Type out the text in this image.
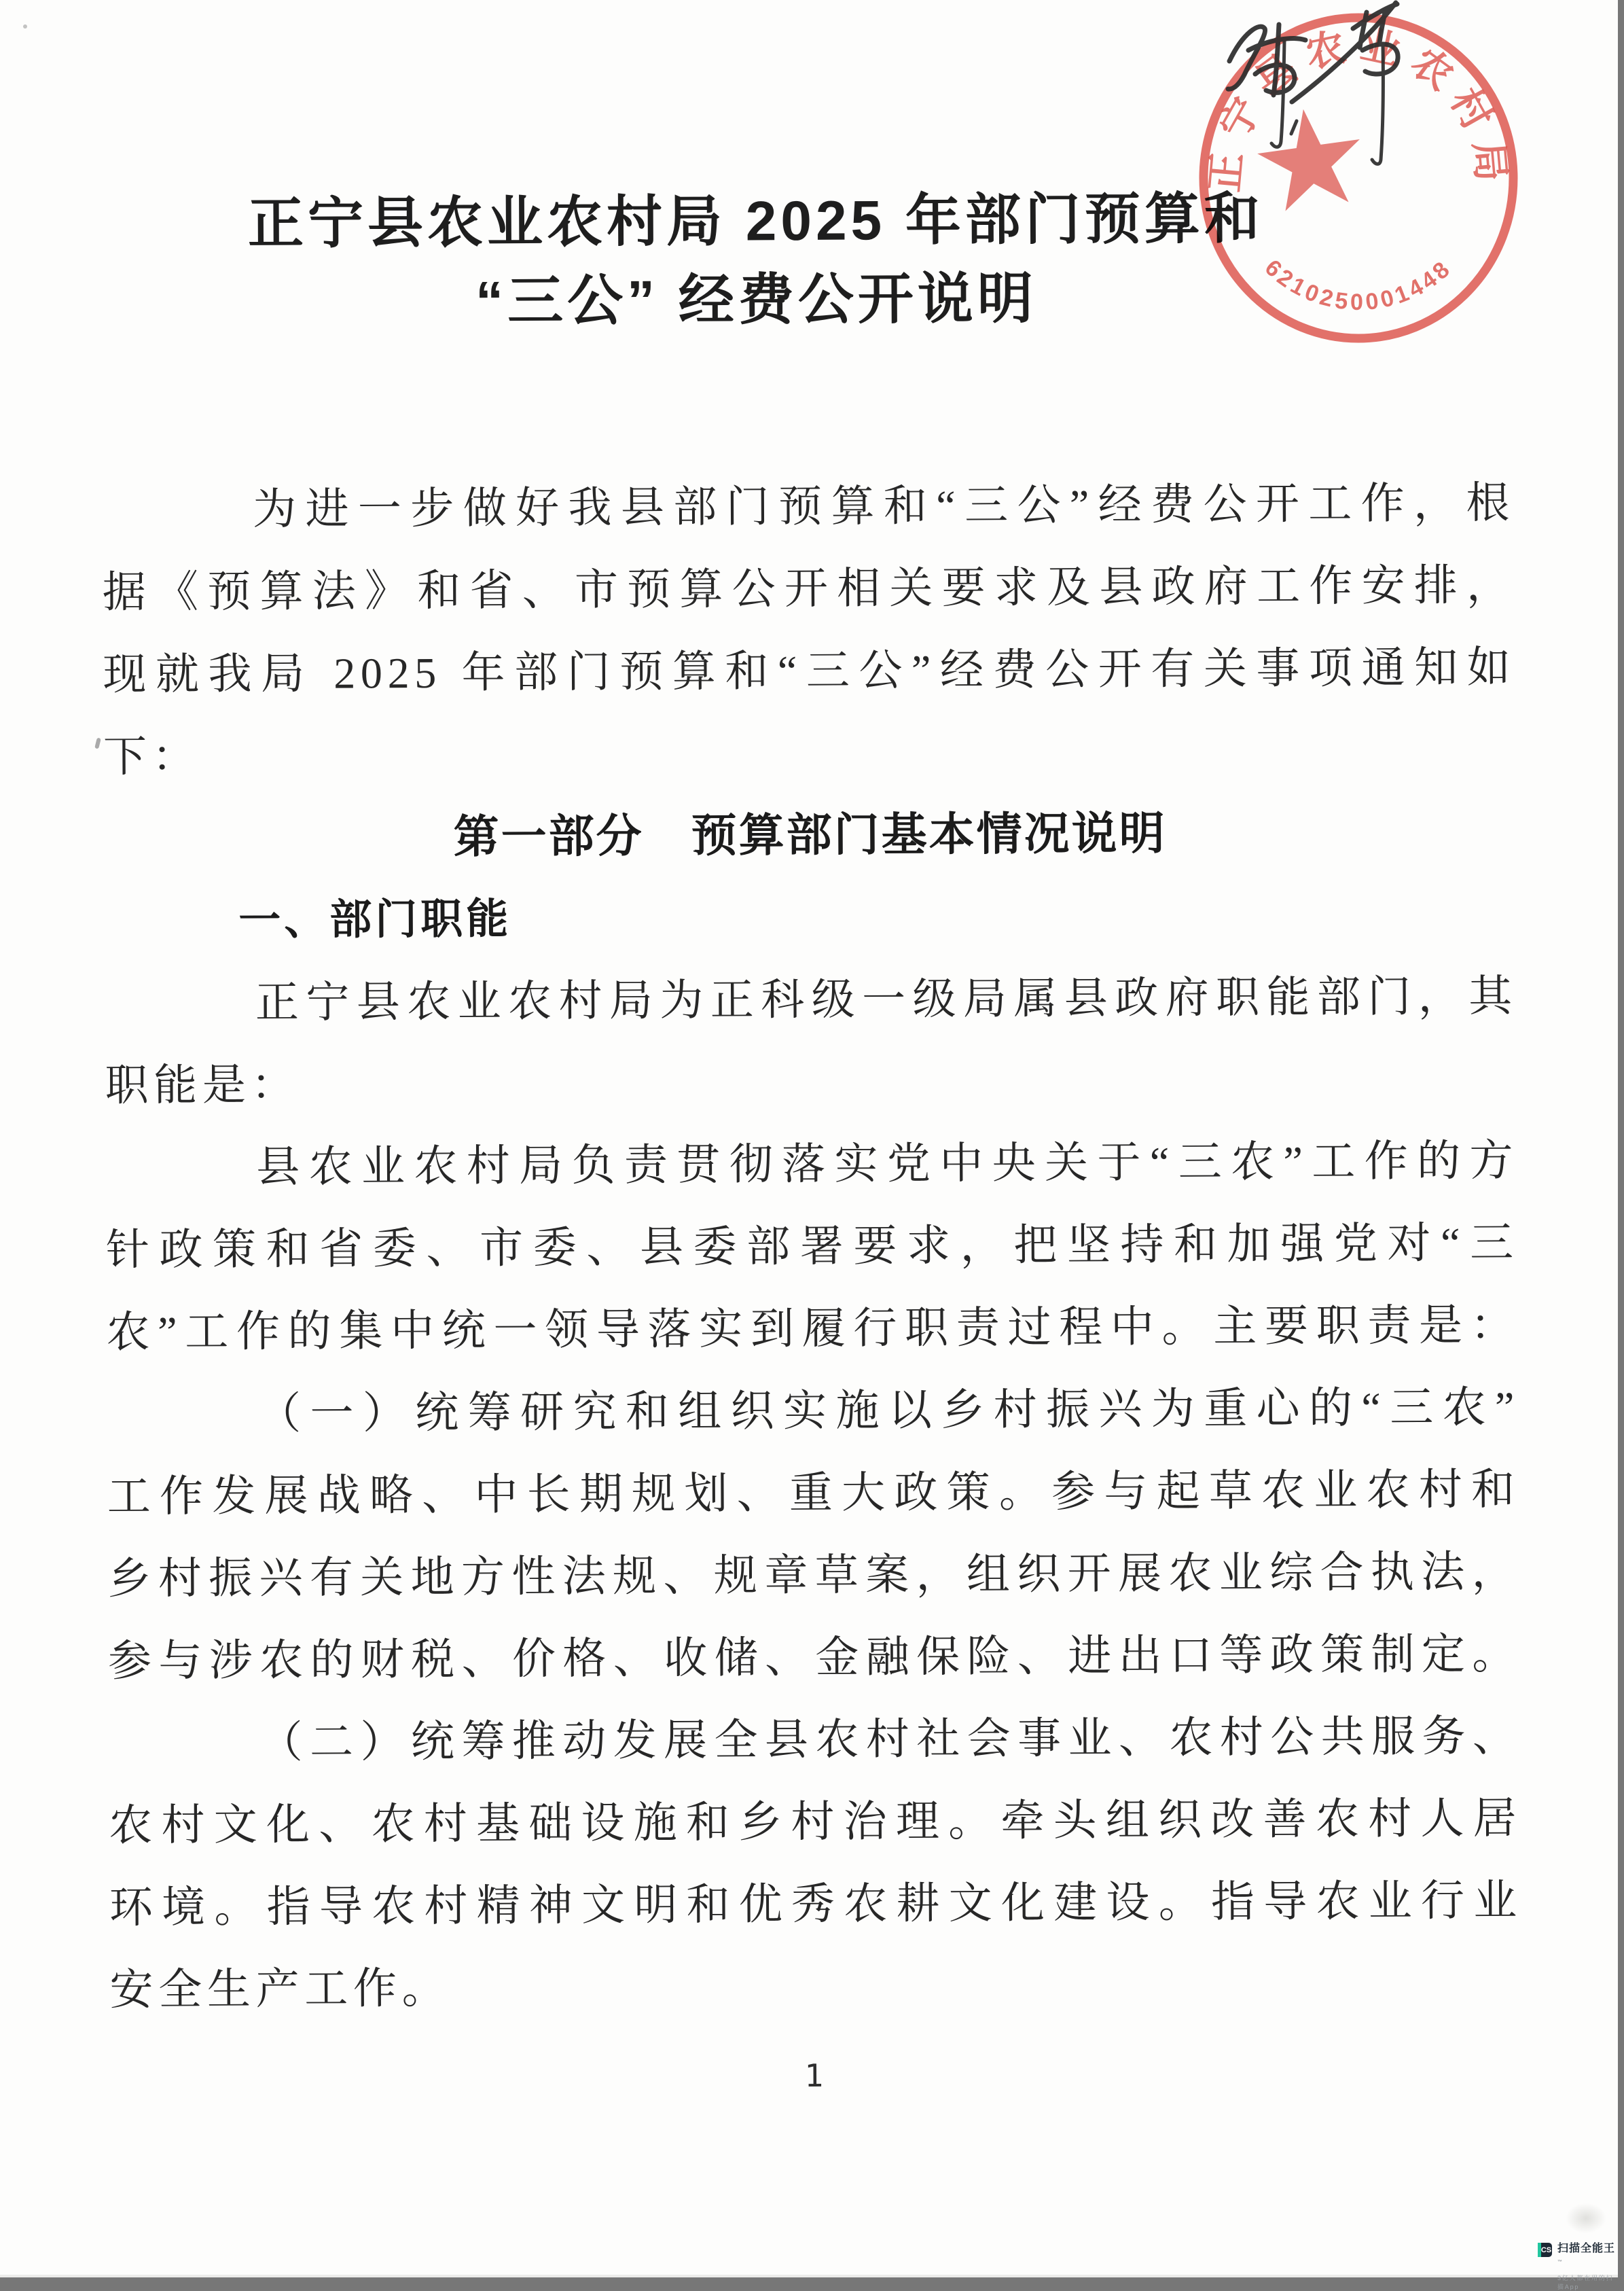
正宁县农业农村局 2025 年部门预算和
“三公” 经费公开说明
为进一步做好我县部门预算和“三公”经费公开工作，根
据《预算法》和省、市预算公开相关要求及县政府工作安排，
现就我局 2025 年部门预算和“三公”经费公开有关事项通知如
下：
第一部分　预算部门基本情况说明
一、部门职能
正宁县农业农村局为正科级一级局属县政府职能部门，其
职能是：
县农业农村局负责贯彻落实党中央关于“三农”工作的方
针政策和省委、市委、县委部署要求，把坚持和加强党对“三
农”工作的集中统一领导落实到履行职责过程中。主要职责是：
（一）统筹研究和组织实施以乡村振兴为重心的“三农”
工作发展战略、中长期规划、重大政策。参与起草农业农村和
乡村振兴有关地方性法规、规章草案，组织开展农业综合执法，
参与涉农的财税、价格、收储、金融保险、进出口等政策制定。
（二）统筹推动发展全县农村社会事业、农村公共服务、
农村文化、农村基础设施和乡村治理。牵头组织改善农村人居
环境。指导农村精神文明和优秀农耕文化建设。指导农业行业
安全生产工作。
1
正宁县农业农村局
6210250001448
CS 扫描全能王™
3亿人都在用的扫描App
